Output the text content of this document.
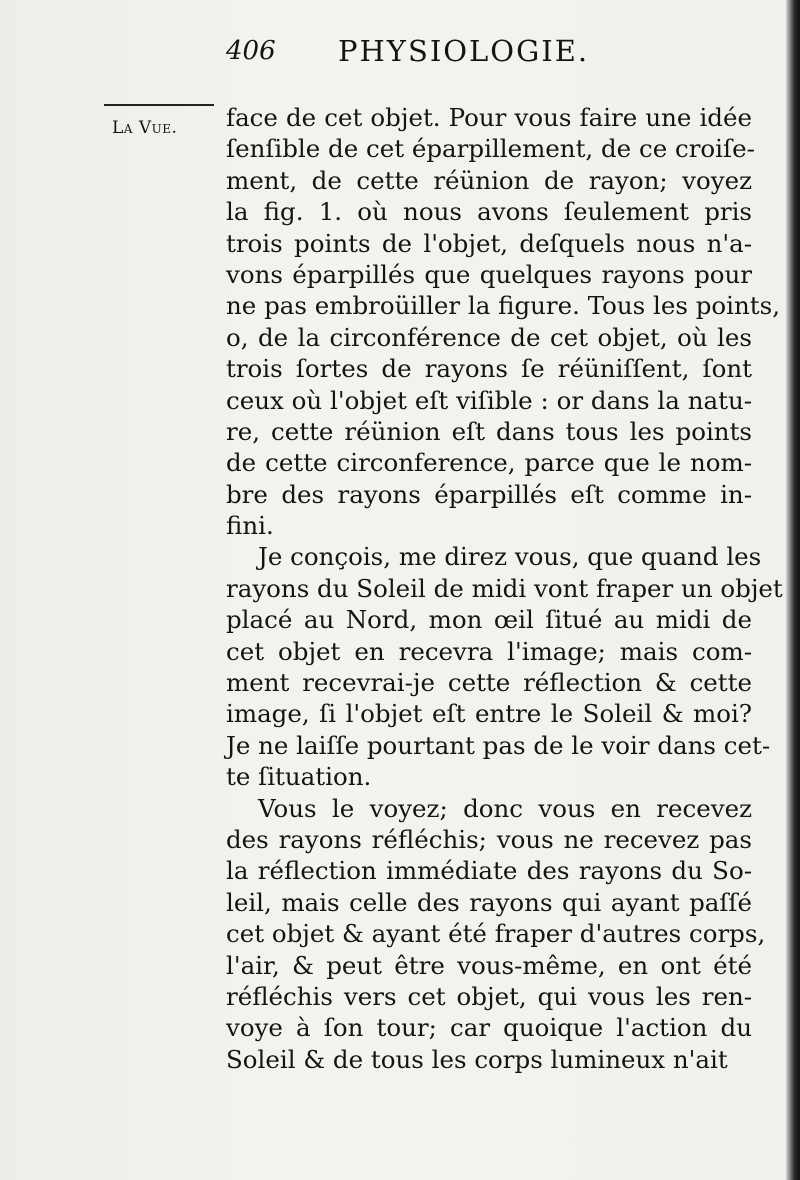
406 PHYSIOLOGIE.
La Vue. face de cet objet. Pour vous faire une idée
ſenſible de cet éparpillement, de ce croiſe-
ment, de cette réünion de rayon; voyez
la fig. 1. où nous avons ſeulement pris
trois points de l'objet, deſquels nous n'a-
vons éparpillés que quelques rayons pour
ne pas embroüiller la figure. Tous les points,
o, de la circonférence de cet objet, où les
trois ſortes de rayons ſe réüniſſent, ſont
ceux où l'objet eſt viſible : or dans la natu-
re, cette réünion eſt dans tous les points
de cette circonference, parce que le nom-
bre des rayons éparpillés eſt comme in-
fini.

Je conçois, me direz vous, que quand les
rayons du Soleil de midi vont fraper un objet
placé au Nord, mon œil ſitué au midi de
cet objet en recevra l'image; mais com-
ment recevrai-je cette réflection & cette
image, ſi l'objet eſt entre le Soleil & moi?
Je ne laiſſe pourtant pas de le voir dans cet-
te ſituation.

Vous le voyez; donc vous en recevez
des rayons réfléchis; vous ne recevez pas
la réflection immédiate des rayons du So-
leil, mais celle des rayons qui ayant paſſé
cet objet & ayant été fraper d'autres corps,
l'air, & peut être vous-même, en ont été
réfléchis vers cet objet, qui vous les ren-
voye à ſon tour; car quoique l'action du
Soleil & de tous les corps lumineux n'ait
